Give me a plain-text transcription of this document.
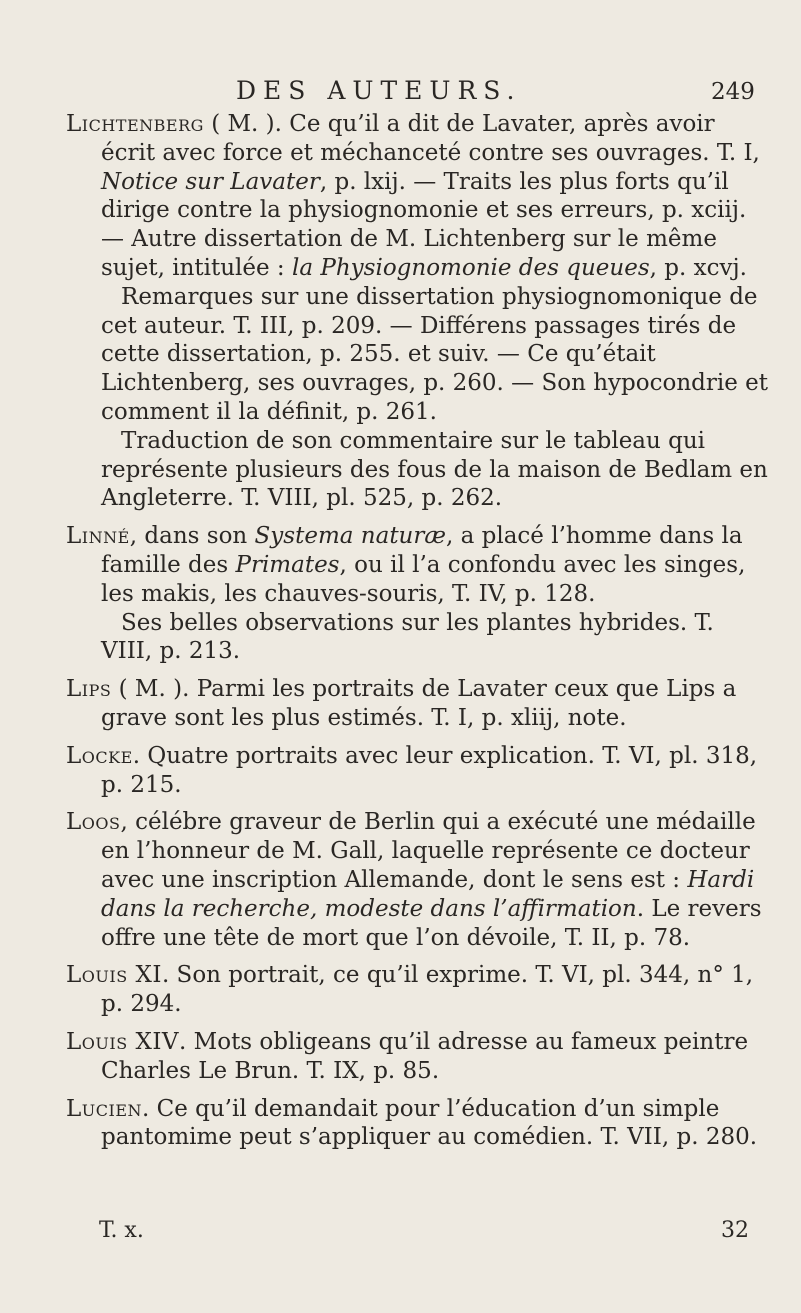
DES AUTEURS.	249

Lichtenberg ( M. ). Ce qu’il a dit de Lavater, après avoir écrit avec force et méchanceté contre ses ouvrages. T. I, Notice sur Lavater, p. lxij. — Traits les plus forts qu’il dirige contre la physiognomonie et ses erreurs, p. xciij. — Autre dissertation de M. Lichtenberg sur le même sujet, intitulée : la Physiognomonie des queues, p. xcvj.

Remarques sur une dissertation physiognomonique de cet auteur. T. III, p. 209. — Différens passages tirés de cette dissertation, p. 255. et suiv. — Ce qu’était Lichtenberg, ses ouvrages, p. 260. — Son hypocondrie et comment il la définit, p. 261.

Traduction de son commentaire sur le tableau qui représente plusieurs des fous de la maison de Bedlam en Angleterre. T. VIII, pl. 525, p. 262.

Linné, dans son Systema naturæ, a placé l’homme dans la famille des Primates, ou il l’a confondu avec les singes, les makis, les chauves-souris, T. IV, p. 128.

Ses belles observations sur les plantes hybrides. T. VIII, p. 213.

Lips ( M. ). Parmi les portraits de Lavater ceux que Lips a grave sont les plus estimés. T. I, p. xliij, note.

Locke. Quatre portraits avec leur explication. T. VI, pl. 318, p. 215.

Loos, célébre graveur de Berlin qui a exécuté une médaille en l’honneur de M. Gall, laquelle représente ce docteur avec une inscription Allemande, dont le sens est : Hardi dans la recherche, modeste dans l’affirmation. Le revers offre une tête de mort que l’on dévoile, T. II, p. 78.

Louis XI. Son portrait, ce qu’il exprime. T. VI, pl. 344, n° 1, p. 294.

Louis XIV. Mots obligeans qu’il adresse au fameux peintre Charles Le Brun. T. IX, p. 85.

Lucien. Ce qu’il demandait pour l’éducation d’un simple pantomime peut s’appliquer au comédien. T. VII, p. 280.

T. x.	32
